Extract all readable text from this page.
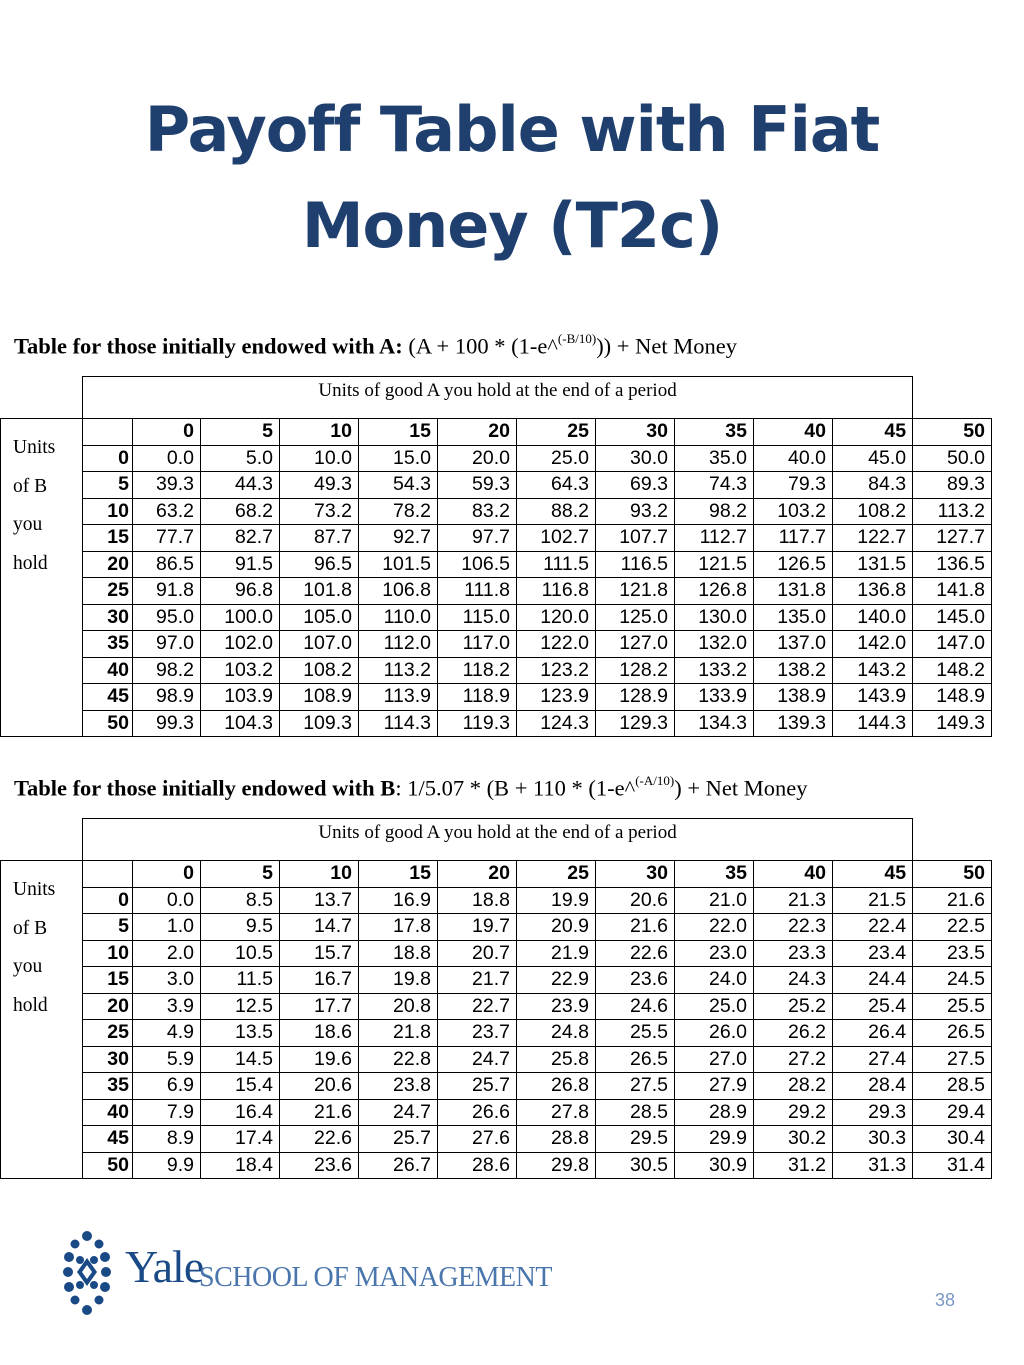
Payoff Table with Fiat
Money (T2c)
Table for those initially endowed with A: (A + 100 * (1-e^$^{(-B/10)}$)) + Net Money
	Units of good A you hold at the end of a period											

Units
of B
you
hold		0	5	10	15	20	25	30	35	40	45	50
	0	0.0	5.0	10.0	15.0	20.0	25.0	30.0	35.0	40.0	45.0	50.0
	5	39.3	44.3	49.3	54.3	59.3	64.3	69.3	74.3	79.3	84.3	89.3
	10	63.2	68.2	73.2	78.2	83.2	88.2	93.2	98.2	103.2	108.2	113.2
	15	77.7	82.7	87.7	92.7	97.7	102.7	107.7	112.7	117.7	122.7	127.7
	20	86.5	91.5	96.5	101.5	106.5	111.5	116.5	121.5	126.5	131.5	136.5
	25	91.8	96.8	101.8	106.8	111.8	116.8	121.8	126.8	131.8	136.8	141.8
	30	95.0	100.0	105.0	110.0	115.0	120.0	125.0	130.0	135.0	140.0	145.0
	35	97.0	102.0	107.0	112.0	117.0	122.0	127.0	132.0	137.0	142.0	147.0
	40	98.2	103.2	108.2	113.2	118.2	123.2	128.2	133.2	138.2	143.2	148.2
	45	98.9	103.9	108.9	113.9	118.9	123.9	128.9	133.9	138.9	143.9	148.9
	50	99.3	104.3	109.3	114.3	119.3	124.3	129.3	134.3	139.3	144.3	149.3
Table for those initially endowed with B: 1/5.07 * (B + 110 * (1-e^$^{(-A/10)}$) + Net Money
	Units of good A you hold at the end of a period											

Units
of B
you
hold		0	5	10	15	20	25	30	35	40	45	50
	0	0.0	8.5	13.7	16.9	18.8	19.9	20.6	21.0	21.3	21.5	21.6
	5	1.0	9.5	14.7	17.8	19.7	20.9	21.6	22.0	22.3	22.4	22.5
	10	2.0	10.5	15.7	18.8	20.7	21.9	22.6	23.0	23.3	23.4	23.5
	15	3.0	11.5	16.7	19.8	21.7	22.9	23.6	24.0	24.3	24.4	24.5
	20	3.9	12.5	17.7	20.8	22.7	23.9	24.6	25.0	25.2	25.4	25.5
	25	4.9	13.5	18.6	21.8	23.7	24.8	25.5	26.0	26.2	26.4	26.5
	30	5.9	14.5	19.6	22.8	24.7	25.8	26.5	27.0	27.2	27.4	27.5
	35	6.9	15.4	20.6	23.8	25.7	26.8	27.5	27.9	28.2	28.4	28.5
	40	7.9	16.4	21.6	24.7	26.6	27.8	28.5	28.9	29.2	29.3	29.4
	45	8.9	17.4	22.6	25.7	27.6	28.8	29.5	29.9	30.2	30.3	30.4
	50	9.9	18.4	23.6	26.7	28.6	29.8	30.5	30.9	31.2	31.3	31.4
Yale
SCHOOL OF MANAGEMENT
38
